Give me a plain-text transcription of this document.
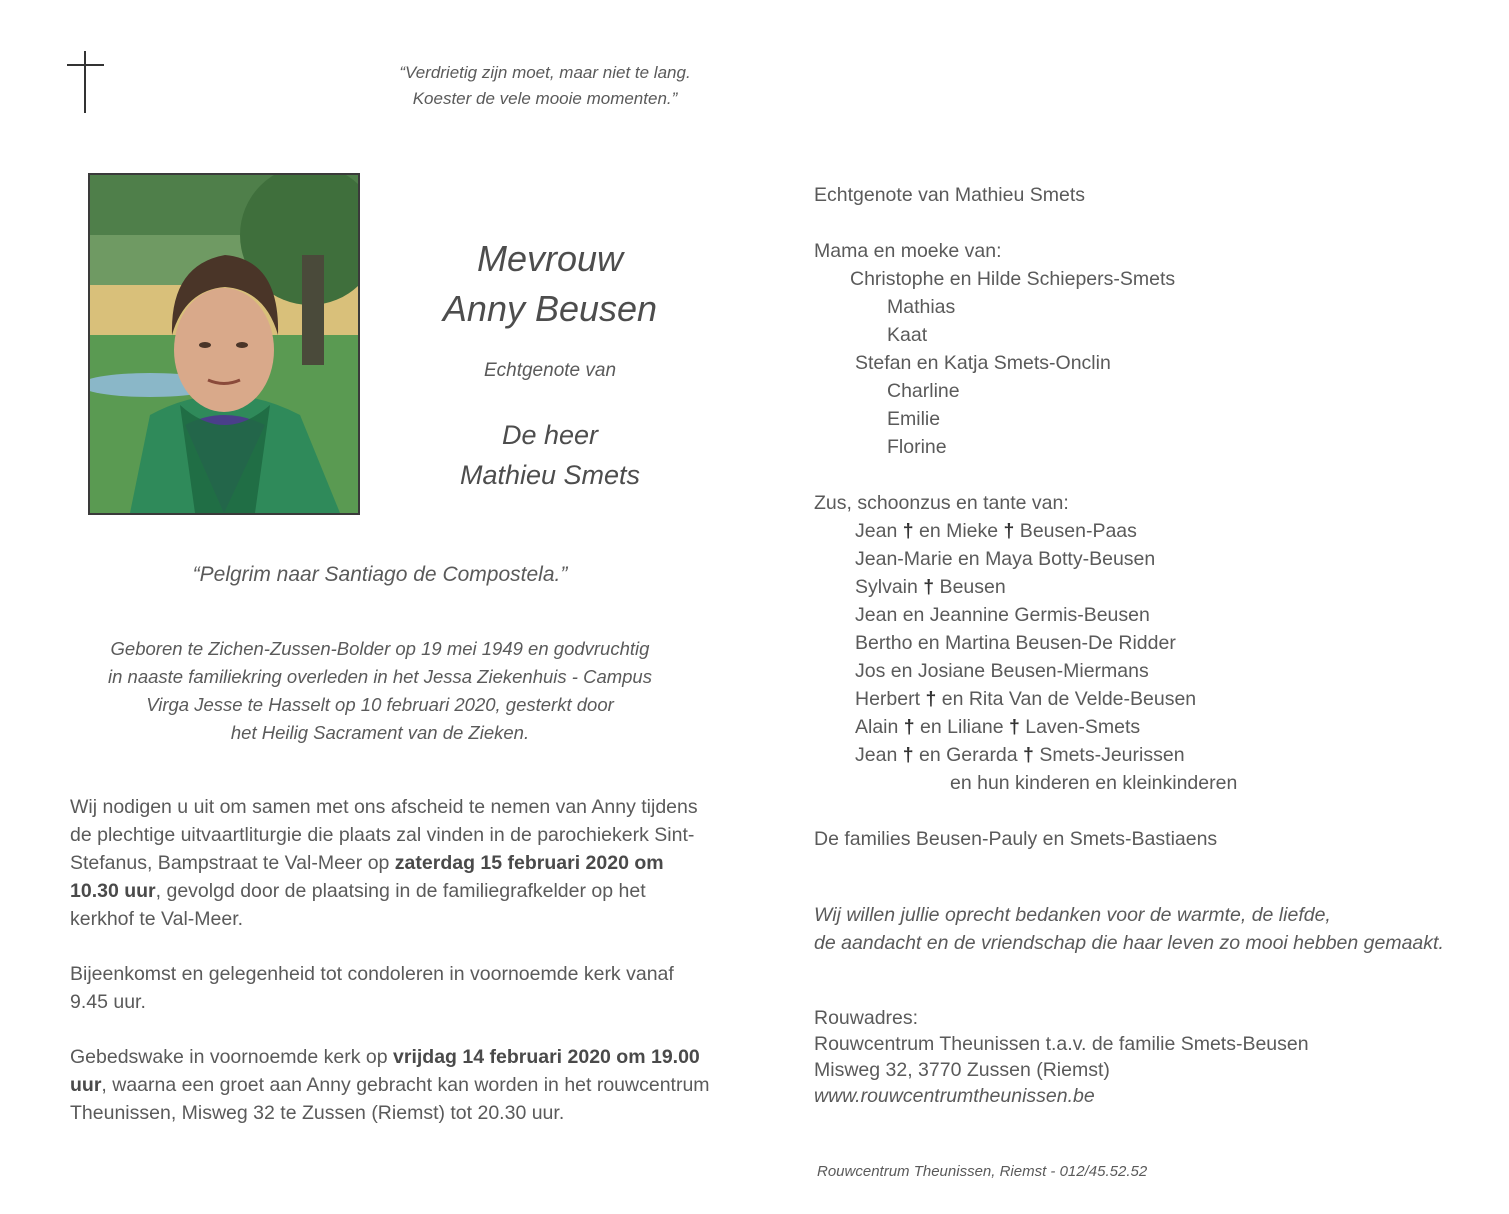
“Verdrietig zijn moet, maar niet te lang.
Koester de vele mooie momenten.”
Mevrouw
Anny Beusen
Echtgenote van
De heer
Mathieu Smets
“Pelgrim naar Santiago de Compostela.”
Geboren te Zichen-Zussen-Bolder op 19 mei 1949 en godvruchtig
in naaste familiekring overleden in het Jessa Ziekenhuis - Campus
Virga Jesse te Hasselt op 10 februari 2020, gesterkt door
het Heilig Sacrament van de Zieken.
Wij nodigen u uit om samen met ons afscheid te nemen van Anny tijdens de plechtige uitvaartliturgie die plaats zal vinden in de parochiekerk Sint-Stefanus, Bampstraat te Val-Meer op zaterdag 15 februari 2020 om 10.30 uur, gevolgd door de plaatsing in de familiegrafkelder op het kerkhof te Val-Meer.
Bijeenkomst en gelegenheid tot condoleren in voornoemde kerk vanaf 9.45 uur.
Gebedswake in voornoemde kerk op vrijdag 14 februari 2020 om 19.00 uur, waarna een groet aan Anny gebracht kan worden in het rouwcentrum Theunissen, Misweg 32 te Zussen (Riemst) tot 20.30 uur.
Echtgenote van Mathieu Smets
Mama en moeke van:
Christophe en Hilde Schiepers-Smets
Mathias
Kaat
Stefan en Katja Smets-Onclin
Charline
Emilie
Florine
Zus, schoonzus en tante van:
Jean † en Mieke † Beusen-Paas
Jean-Marie en Maya Botty-Beusen
Sylvain † Beusen
Jean en Jeannine Germis-Beusen
Bertho en Martina Beusen-De Ridder
Jos en Josiane Beusen-Miermans
Herbert † en Rita Van de Velde-Beusen
Alain † en Liliane † Laven-Smets
Jean † en Gerarda † Smets-Jeurissen
en hun kinderen en kleinkinderen
De families Beusen-Pauly en Smets-Bastiaens
Wij willen jullie oprecht bedanken voor de warmte, de liefde,
de aandacht en de vriendschap die haar leven zo mooi hebben gemaakt.
Rouwadres:
Rouwcentrum Theunissen t.a.v. de familie Smets-Beusen
Misweg 32, 3770 Zussen (Riemst)
www.rouwcentrumtheunissen.be
Rouwcentrum Theunissen, Riemst - 012/45.52.52
